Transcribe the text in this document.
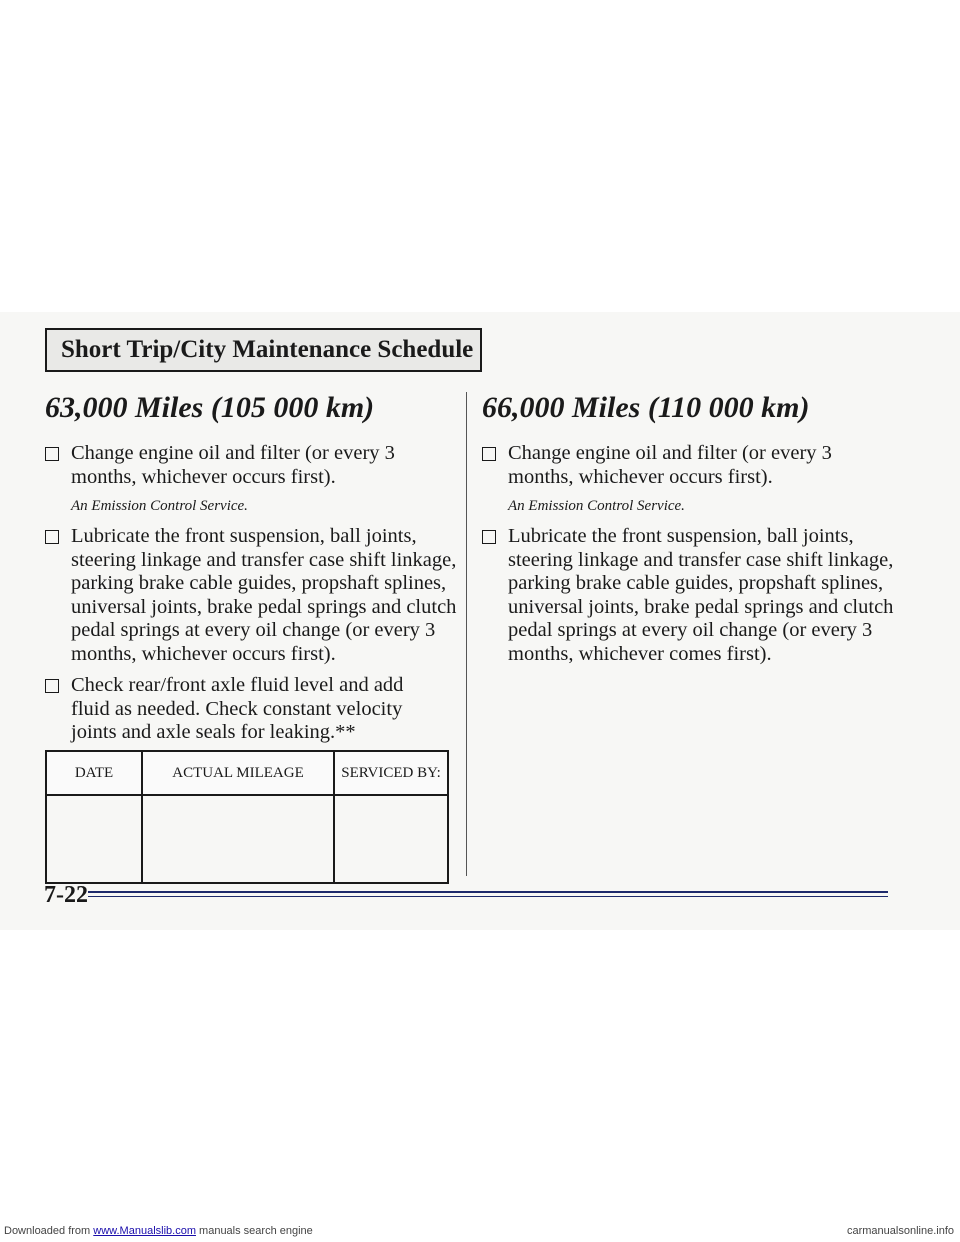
Short Trip/City Maintenance Schedule
63,000 Miles (105 000 km)
Change engine oil and filter (or every 3 months, whichever occurs first).
An Emission Control Service.
Lubricate the front suspension, ball joints, steering linkage and transfer case shift linkage, parking brake cable guides, propshaft splines, universal joints, brake pedal springs and clutch pedal springs at every oil change (or every 3 months, whichever occurs first).
Check rear/front axle fluid level and add fluid as needed. Check constant velocity joints and axle seals for leaking.**
DATE	ACTUAL MILEAGE	SERVICED BY:

66,000 Miles (110 000 km)
Change engine oil and filter (or every 3 months, whichever occurs first).
An Emission Control Service.
Lubricate the front suspension, ball joints, steering linkage and transfer case shift linkage, parking brake cable guides, propshaft splines, universal joints, brake pedal springs and clutch pedal springs at every oil change (or every 3 months, whichever comes first).
7-22
Downloaded from www.Manualslib.com manuals search engine	carmanualsonline.info
